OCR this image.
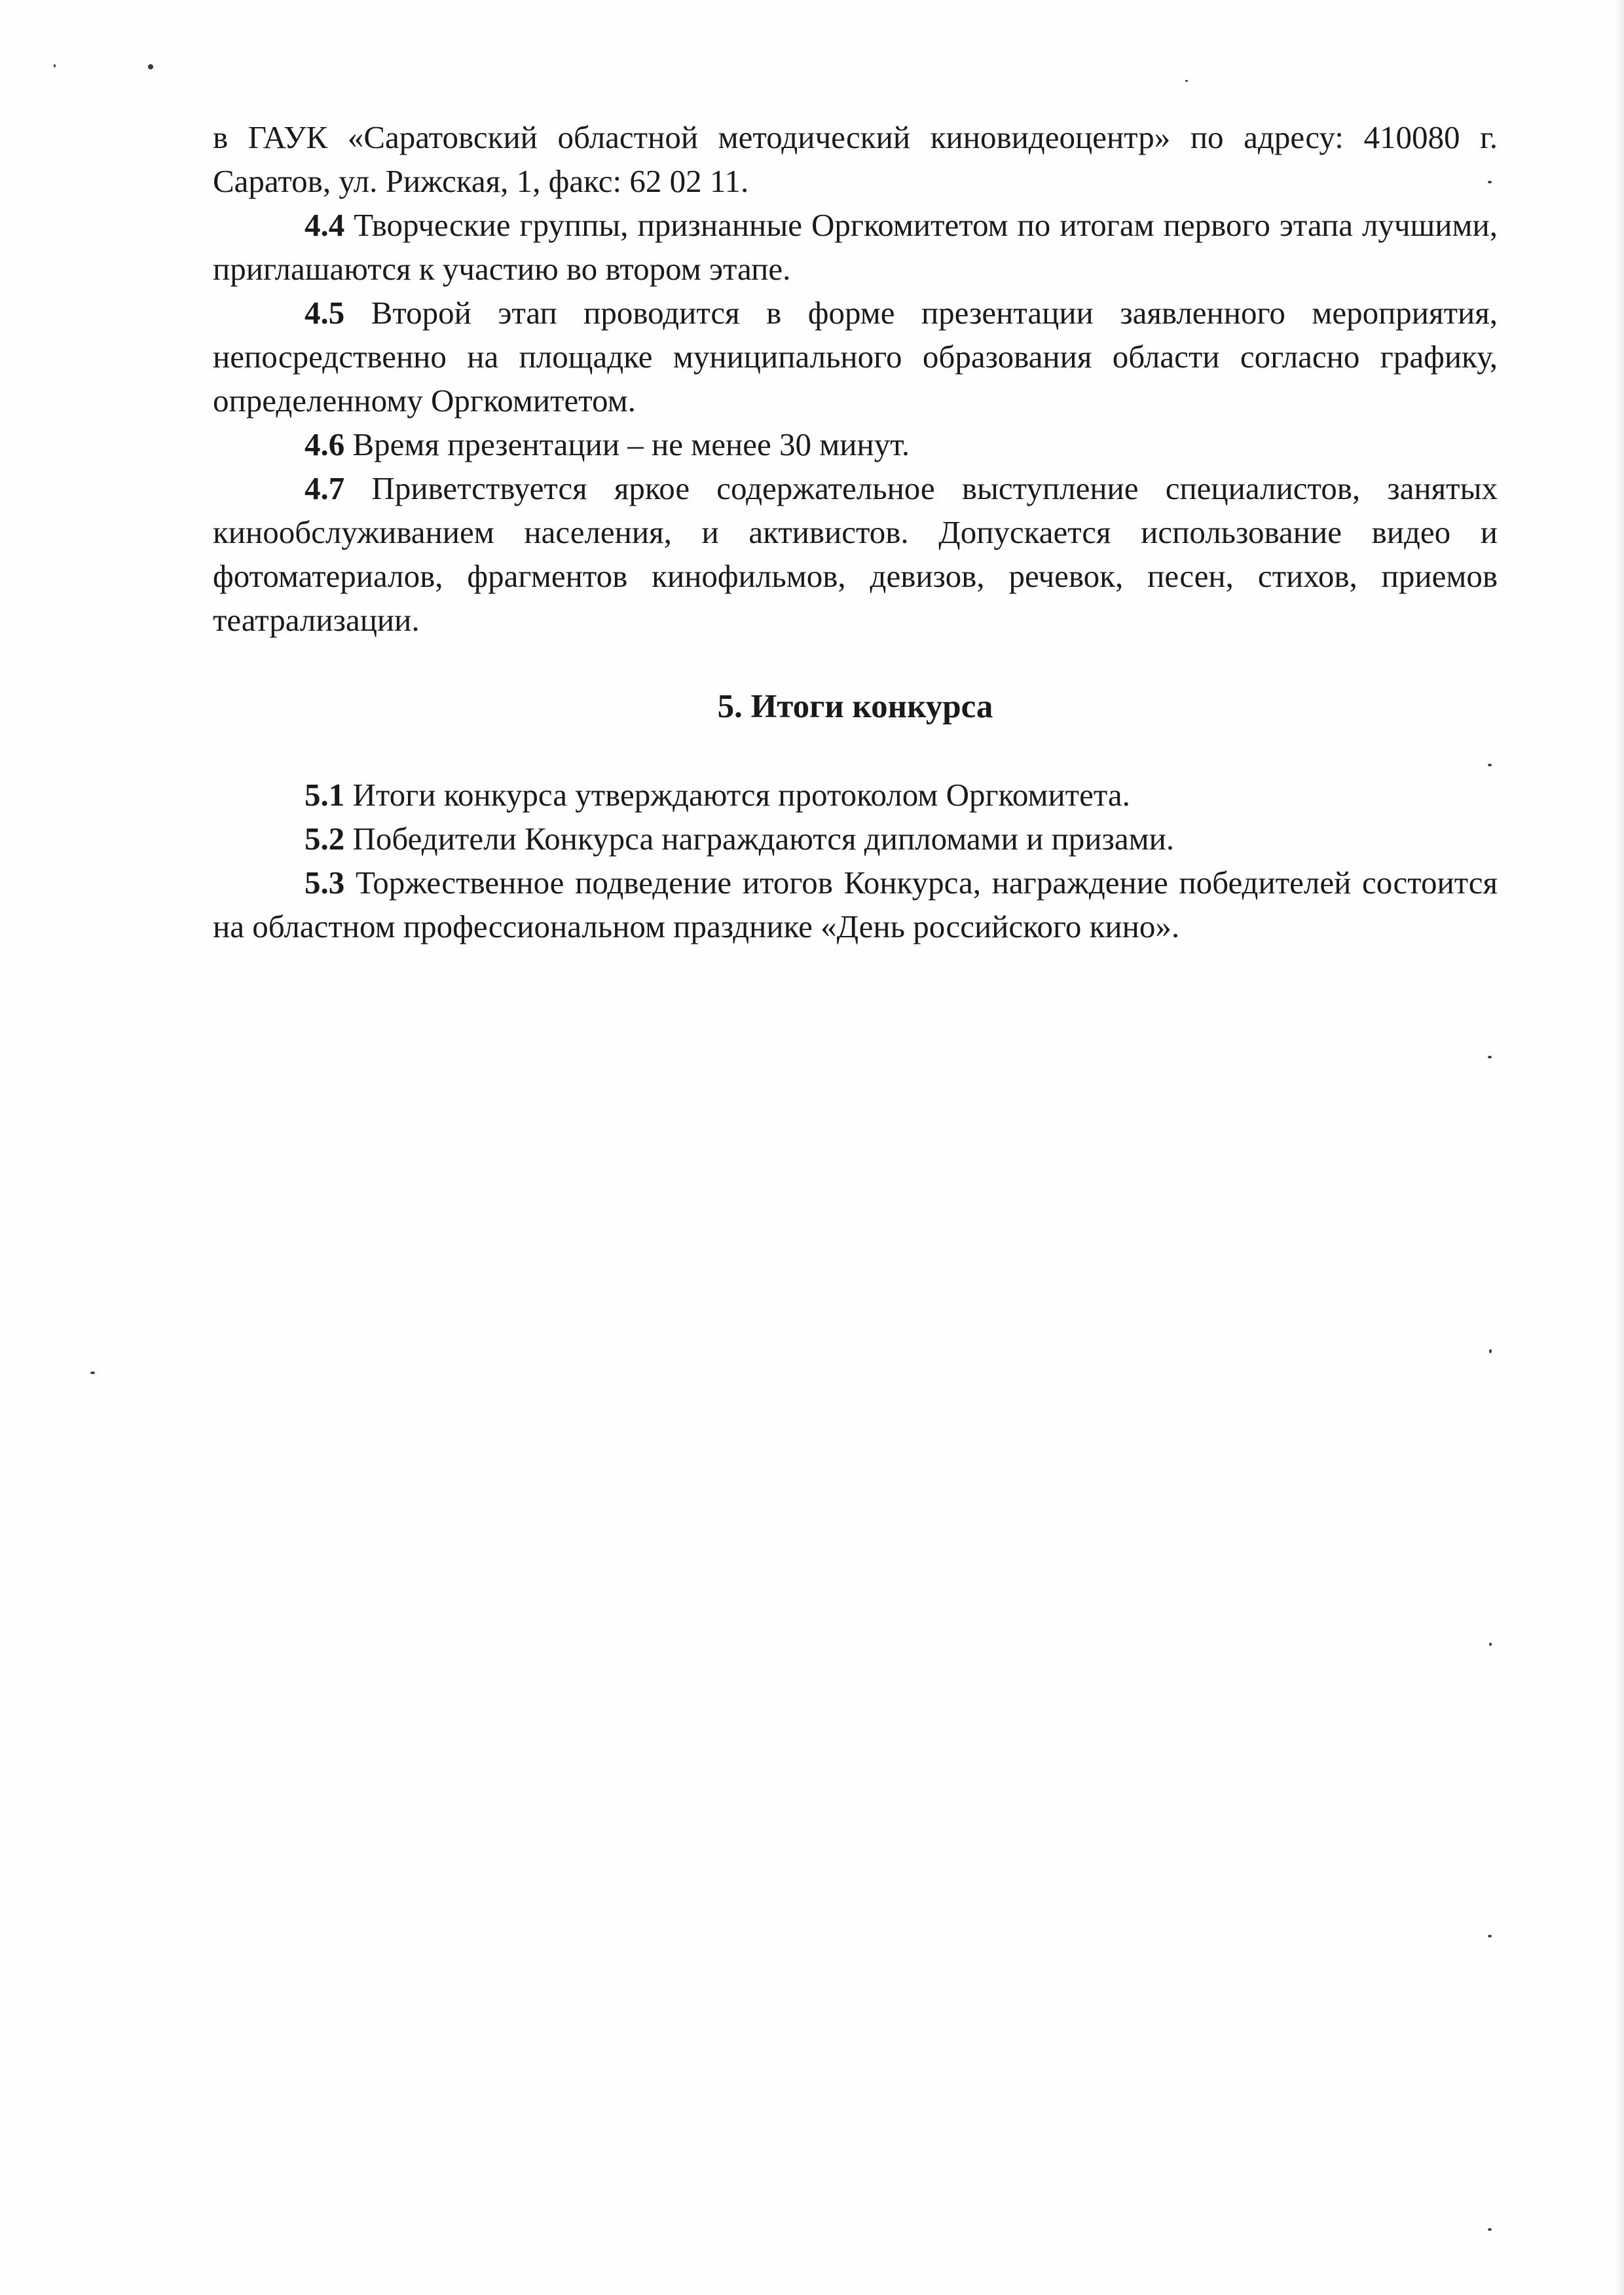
в ГАУК «Саратовский областной методический киновидеоцентр» по адресу: 410080 г. Саратов, ул. Рижская, 1, факс: 62 02 11.

4.4 Творческие группы, признанные Оргкомитетом по итогам первого этапа лучшими, приглашаются к участию во втором этапе.

4.5 Второй этап проводится в форме презентации заявленного мероприятия, непосредственно на площадке муниципального образования области согласно графику, определенному Оргкомитетом.

4.6 Время презентации – не менее 30 минут.

4.7 Приветствуется яркое содержательное выступление специалистов, занятых кинообслуживанием населения, и активистов. Допускается использование видео и фотоматериалов, фрагментов кинофильмов, девизов, речевок, песен, стихов, приемов театрализации.

5. Итоги конкурса

5.1 Итоги конкурса утверждаются протоколом Оргкомитета.

5.2 Победители Конкурса награждаются дипломами и призами.

5.3 Торжественное подведение итогов Конкурса, награждение победителей состоится на областном профессиональном празднике «День российского кино».
